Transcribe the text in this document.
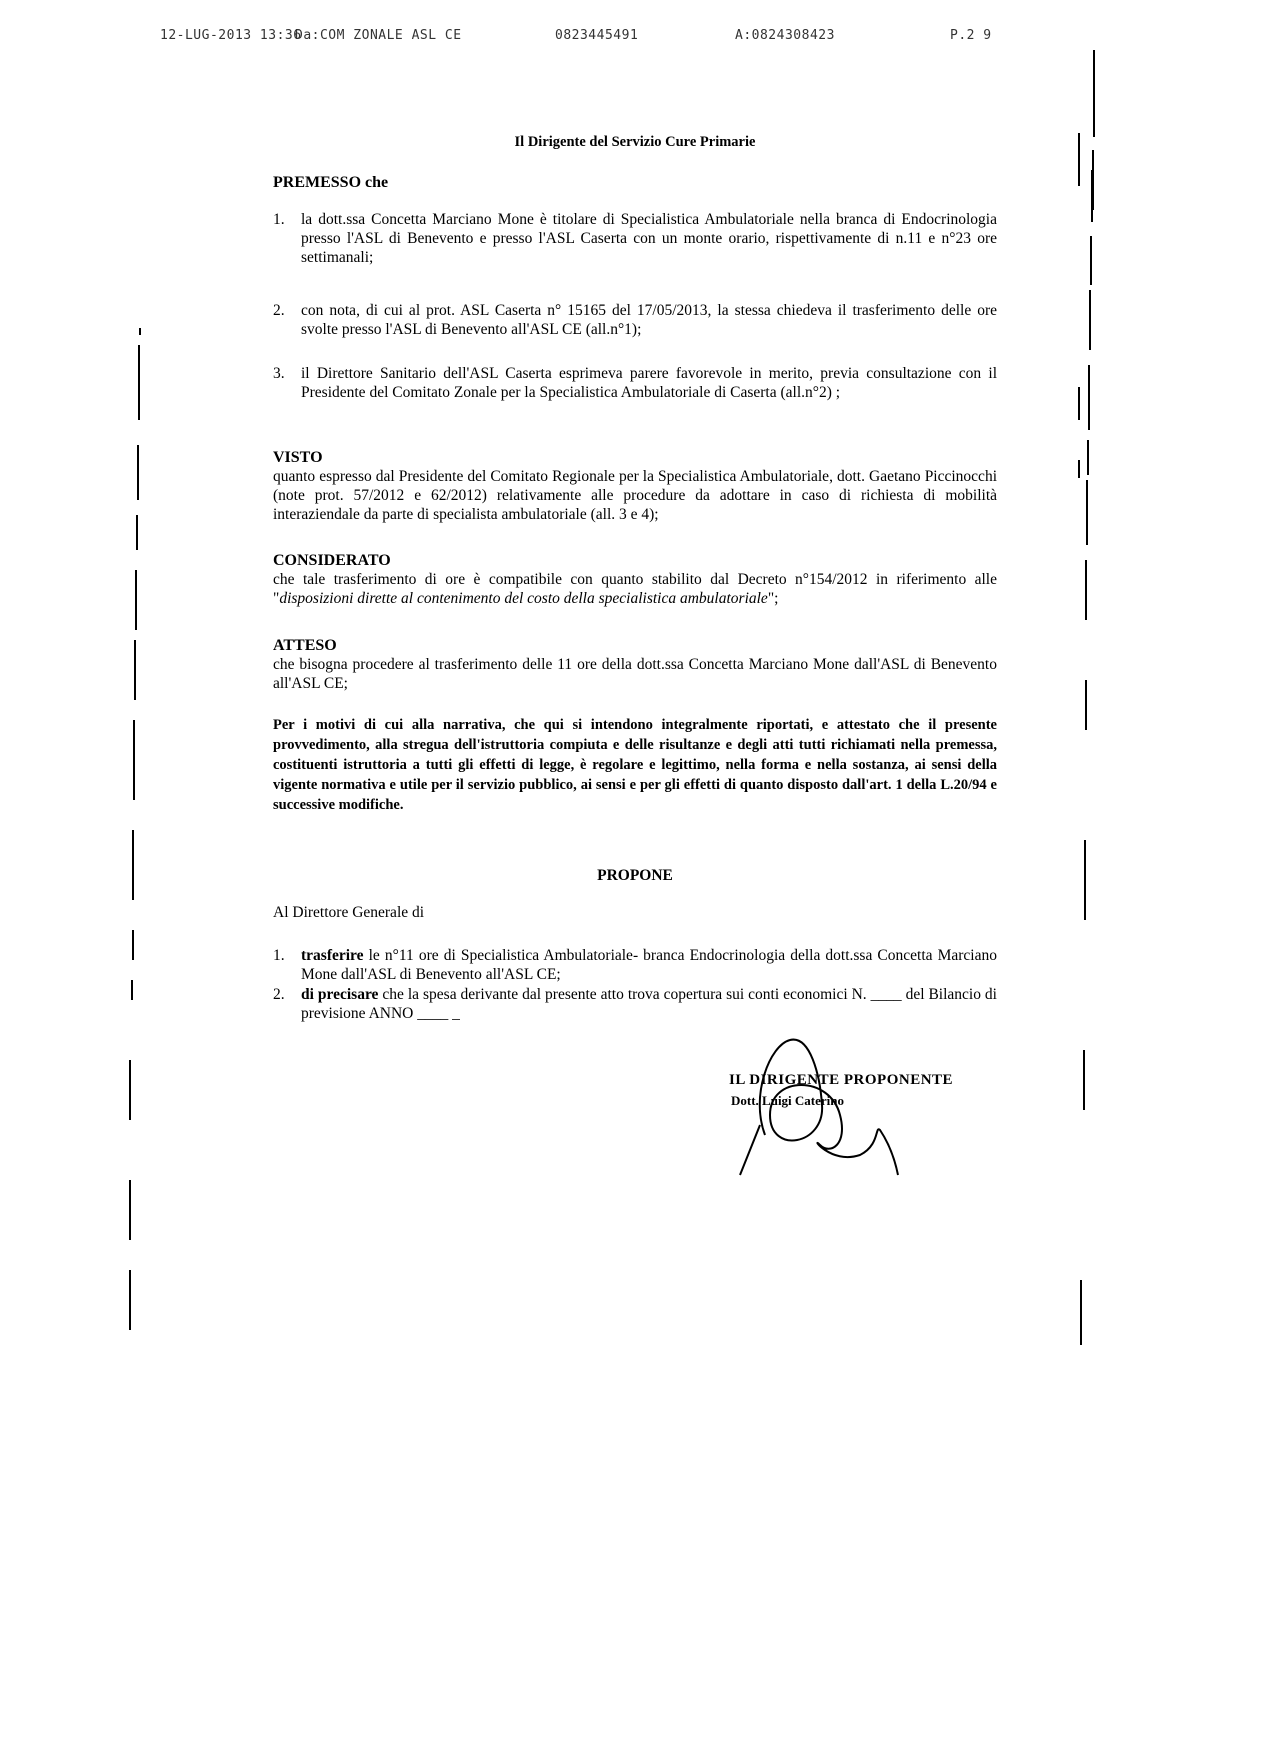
12-LUG-2013 13:36
Da:COM ZONALE ASL CE	0823445491	A:0824308423	P.2 9
Il Dirigente del Servizio Cure Primarie
PREMESSO che
1. la dott.ssa Concetta Marciano Mone è titolare di Specialistica Ambulatoriale nella branca di Endocrinologia presso l'ASL di Benevento e presso l'ASL Caserta con un monte orario, rispettivamente di n.11 e n°23 ore settimanali;
2. con nota, di cui al prot. ASL Caserta n° 15165 del 17/05/2013, la stessa chiedeva il trasferimento delle ore svolte presso l'ASL di Benevento all'ASL CE (all.n°1);
3. il Direttore Sanitario dell'ASL Caserta esprimeva parere favorevole in merito, previa consultazione con il Presidente del Comitato Zonale per la Specialistica Ambulatoriale di Caserta (all.n°2) ;
VISTO
quanto espresso dal Presidente del Comitato Regionale per la Specialistica Ambulatoriale, dott. Gaetano Piccinocchi (note prot. 57/2012 e 62/2012) relativamente alle procedure da adottare in caso di richiesta di mobilità interaziendale da parte di specialista ambulatoriale (all. 3 e 4);
CONSIDERATO
che tale trasferimento di ore è compatibile con quanto stabilito dal Decreto n°154/2012 in riferimento alle "disposizioni dirette al contenimento del costo della specialistica ambulatoriale";
ATTESO
che bisogna procedere al trasferimento delle 11 ore della dott.ssa Concetta Marciano Mone dall'ASL di Benevento all'ASL CE;
Per i motivi di cui alla narrativa, che qui si intendono integralmente riportati, e attestato che il presente provvedimento, alla stregua dell'istruttoria compiuta e delle risultanze e degli atti tutti richiamati nella premessa, costituenti istruttoria a tutti gli effetti di legge, è regolare e legittimo, nella forma e nella sostanza, ai sensi della vigente normativa e utile per il servizio pubblico, ai sensi e per gli effetti di quanto disposto dall'art. 1 della L.20/94 e successive modifiche.
PROPONE
Al Direttore Generale di
1. trasferire le n°11 ore di Specialistica Ambulatoriale- branca Endocrinologia della dott.ssa Concetta Marciano Mone dall'ASL di Benevento all'ASL CE;
2. di precisare che la spesa derivante dal presente atto trova copertura sui conti economici N. ____ del Bilancio di previsione ANNO ____ _
IL DIRIGENTE PROPONENTE
Dott. Luigi Caterino
